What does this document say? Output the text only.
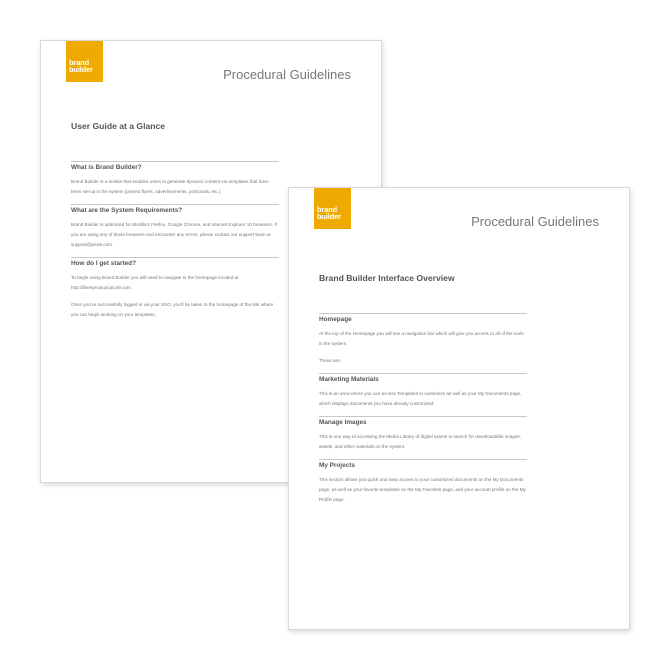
brand
builder	Procedural Guidelines
User Guide at a Glance
What is Brand Builder?

Brand Builder is a toolset that enables users to generate dynamic content via templates that have been set-up in the system (printed flyers, advertisements, postcards, etc.)

What are the System Requirements?

Brand Builder is optimized for Mozilla's Firefox, Google Chrome, and Internet Explorer 10 browsers. If you are using any of those browsers and encounter any errors, please contact our support team at support@pica9.com.

How do I get started?

To begin using Brand Builder you will need to navigate to the homepage located at http://libertymutual.pica9.com.

Once you've successfully logged in via your SSO, you'll be taken to the homepage of the site where you can begin working on your templates.

brand
builder	Procedural Guidelines
Brand Builder Interface Overview
Homepage

At the top of the Homepage you will see a navigation bar which will give you access to all of the tools in the system.

These are:

Marketing Materials

This is an area where you can access Templates to customize as well as your My Documents page, which displays documents you have already customized.

Manage Images

This is one way of accessing the Media Library of digital assets to search for downloadable images, assets, and other materials on the system.

My Projects

This section allows you quick and easy access to your customized documents on the My Documents page, as well as your favorite templates on the My Favorites page, and your account profile on the My Profile page.
